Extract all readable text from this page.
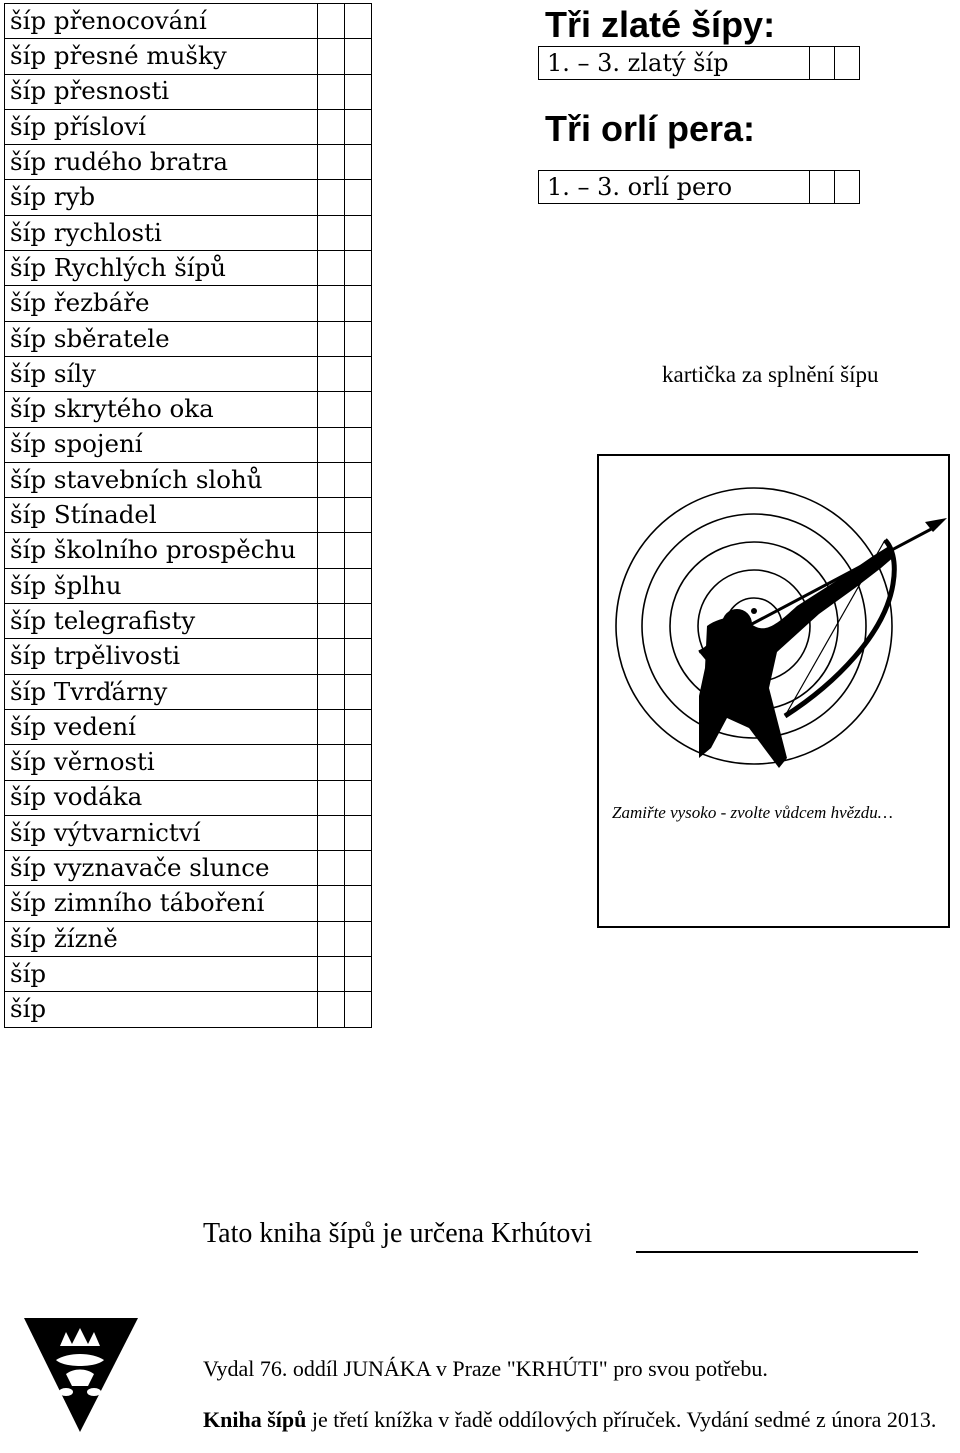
šíp přenocování		
šíp přesné mušky		
šíp přesnosti		
šíp přísloví		
šíp rudého bratra		
šíp ryb		
šíp rychlosti		
šíp Rychlých šípů		
šíp řezbáře		
šíp sběratele		
šíp síly		
šíp skrytého oka		
šíp spojení		
šíp stavebních slohů		
šíp Stínadel		
šíp školního prospěchu		
šíp šplhu		
šíp telegrafisty		
šíp trpělivosti		
šíp Tvrďárny		
šíp vedení		
šíp věrnosti		
šíp vodáka		
šíp výtvarnictví		
šíp vyznavače slunce		
šíp zimního táboření		
šíp žízně		
šíp		
šíp		
Tři zlaté šípy:
1. – 3. zlatý šíp		
Tři orlí pera:
1. – 3. orlí pero		
kartička za splnění šípu
Zamiřte vysoko - zvolte vůdcem hvězdu…
Tato kniha šípů je určena Krhútovi
Vydal 76. oddíl JUNÁKA v Praze "KRHÚTI" pro svou potřebu.
Kniha šípů je třetí knížka v řadě oddílových příruček. Vydání sedmé z února 2013.
